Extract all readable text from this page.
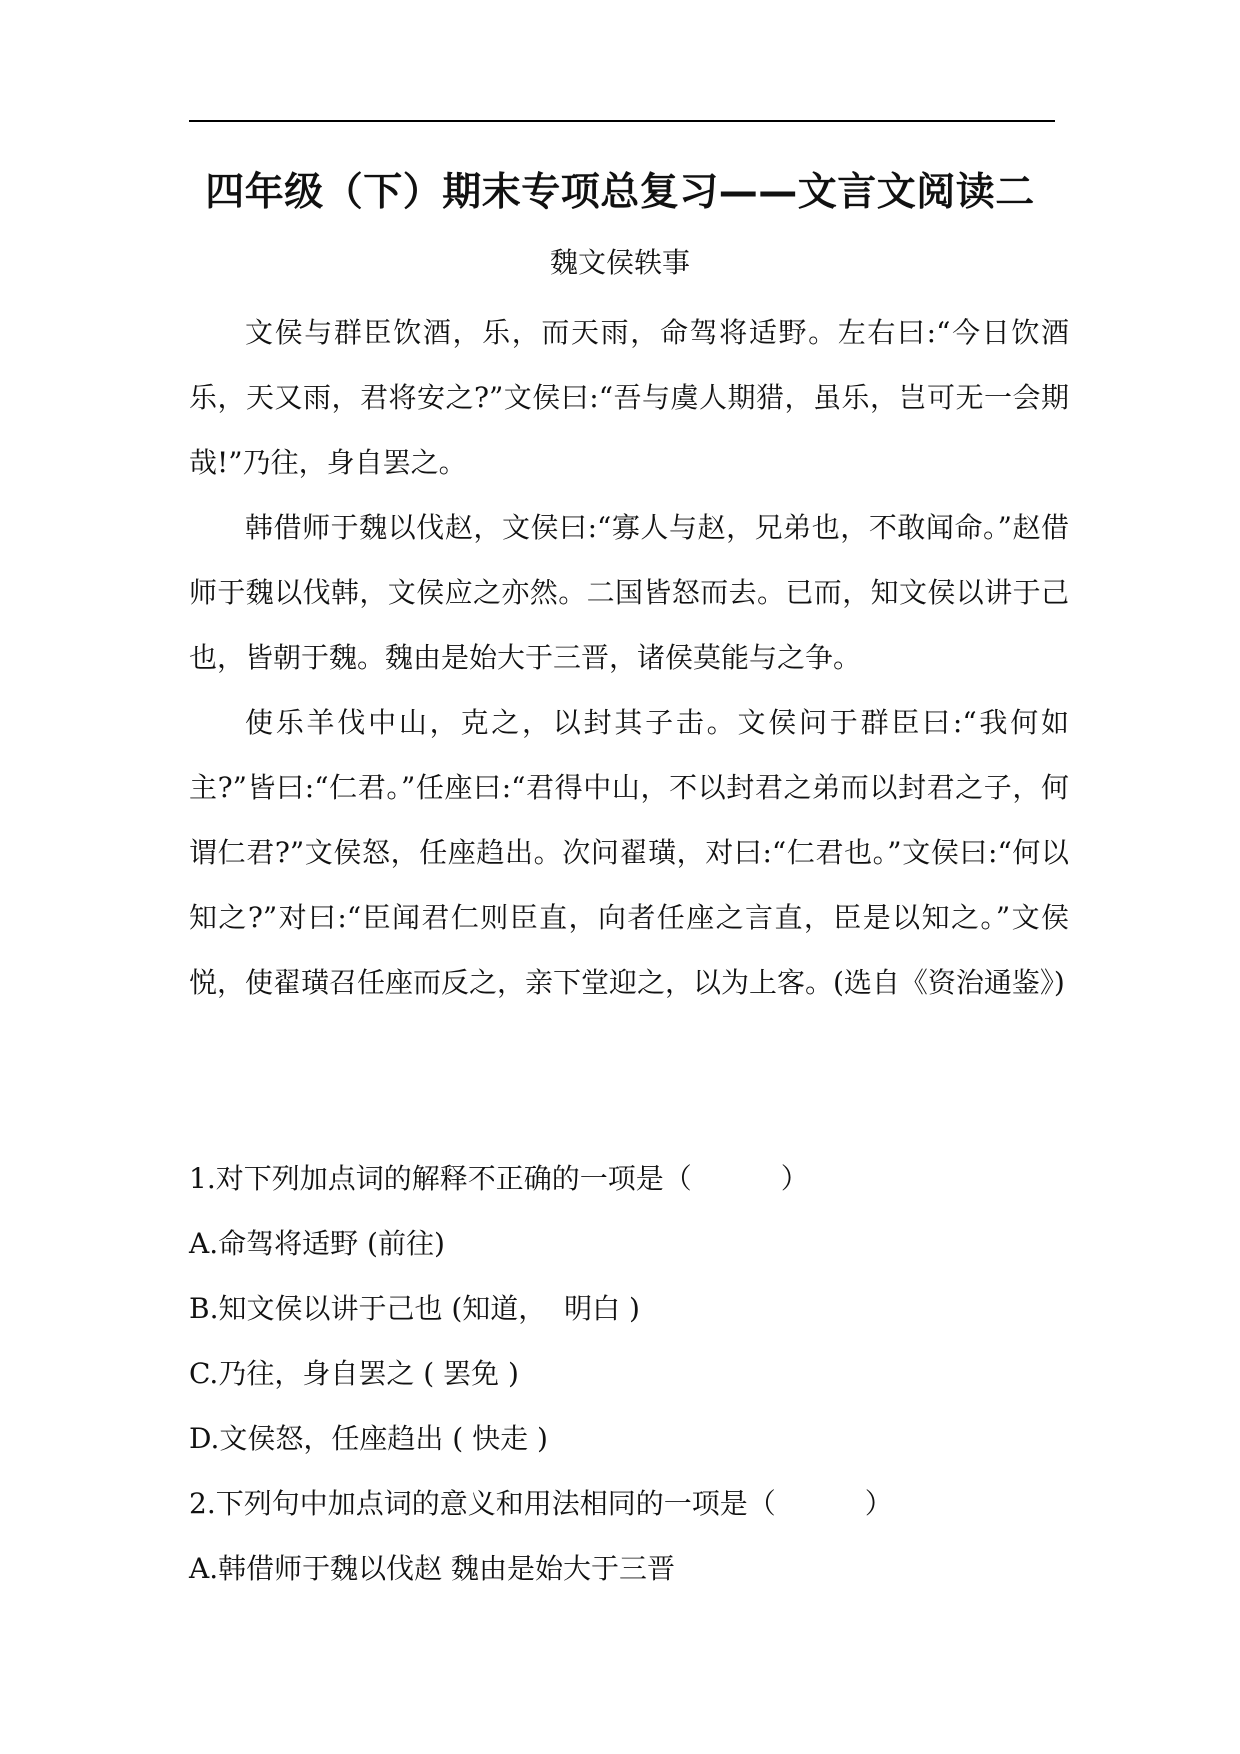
四年级（下）期末专项总复习——文言文阅读二
魏文侯轶事

文侯与群臣饮酒，乐，而天雨，命驾将适野。左右曰:“今日饮酒乐，天又雨，君将安之?”文侯曰:“吾与虞人期猎，虽乐，岂可无一会期哉!”乃往，身自罢之。

韩借师于魏以伐赵，文侯曰:“寡人与赵，兄弟也，不敢闻命。”赵借师于魏以伐韩，文侯应之亦然。二国皆怒而去。已而，知文侯以讲于己也，皆朝于魏。魏由是始大于三晋，诸侯莫能与之争。

使乐羊伐中山，克之，以封其子击。文侯问于群臣曰:“我何如主?”皆曰:“仁君。”任座曰:“君得中山，不以封君之弟而以封君之子，何谓仁君?”文侯怒，任座趋出。次问翟璜，对曰:“仁君也。”文侯曰:“何以知之?”对曰:“臣闻君仁则臣直，向者任座之言直，臣是以知之。”文侯悦，使翟璜召任座而反之，亲下堂迎之，以为上客。(选自《资治通鉴》)

1.对下列加点词的解释不正确的一项是（          ）

A.命驾将适野 (前往)

B.知文侯以讲于己也 (知道，  明白 )

C.乃往，身自罢之 ( 罢免 )

D.文侯怒，任座趋出 ( 快走 )

2.下列句中加点词的意义和用法相同的一项是（          ）

A.韩借师于魏以伐赵 魏由是始大于三晋
